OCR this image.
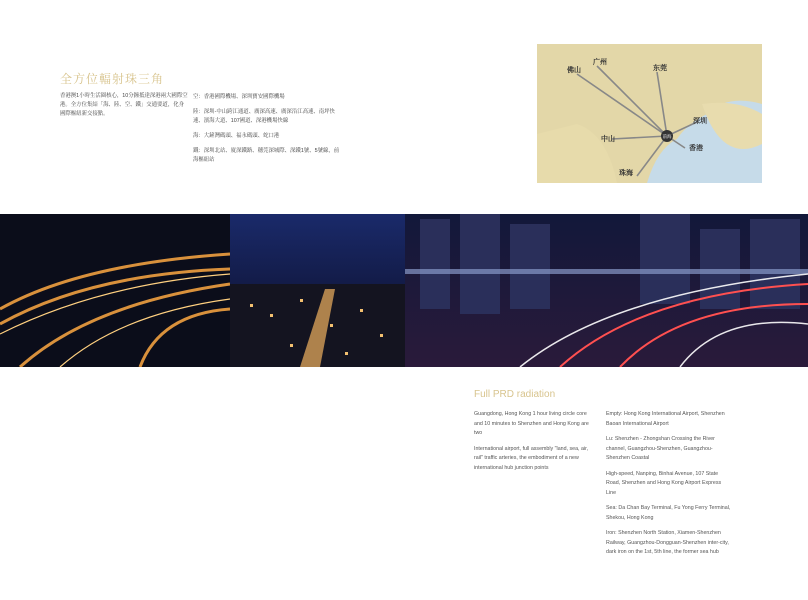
全方位輻射珠三角
香港澳1小時生活圈核心，10分鐘抵達深港兩大國際空港。全方位集結「海、陸、空、鐵」交通要道，化身國際樞紐新交接點。

空：香港國際機場、深圳寶安國際機場

陸：深圳-中山跨江通道、廣深高速、廣深沿江高速、南坪快速、濱海大道、107國道、深港機場快線

海：大鏟灣碼頭、福永碼頭、蛇口港

鐵：深圳北站、廈深鐵路、穗莞深城際、深鐵1號、5號線，前海樞紐站

前海
广州
东莞
佛山
深圳
中山
香港
珠海
Full PRD radiation

Guangdong, Hong Kong 1 hour living circle core and 10 minutes to Shenzhen and Hong Kong are two

International airport, full assembly "land, sea, air, rail" traffic arteries, the embodiment of a new international hub junction points

Empty: Hong Kong International Airport, Shenzhen Baoan International Airport

Lu: Shenzhen - Zhongshan Crossing the River channel, Guangzhou-Shenzhen, Guangzhou-Shenzhen Coastal

High-speed, Nanping, Binhai Avenue, 107 State Road, Shenzhen and Hong Kong Airport Express Line

Sea: Da Chan Bay Terminal, Fu Yong Ferry Terminal, Shekou, Hong Kong

Iron: Shenzhen North Station, Xiamen-Shenzhen Railway, Guangzhou-Dongguan-Shenzhen inter-city, dark iron on the 1st, 5th line, the former sea hub
